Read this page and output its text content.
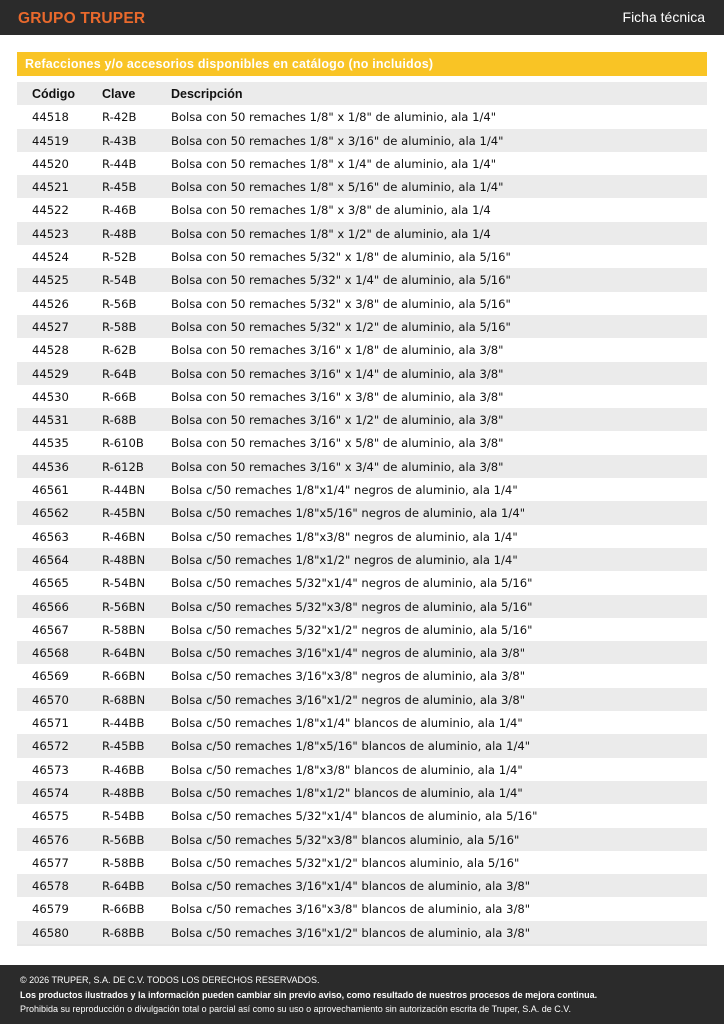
GRUPO TRUPER	Ficha técnica
Refacciones y/o accesorios disponibles en catálogo (no incluidos)
Código Clave	Descripción
44518	R-42B	Bolsa con 50 remaches 1/8" x 1/8" de aluminio, ala 1/4"
44519	R-43B	Bolsa con 50 remaches 1/8" x 3/16" de aluminio, ala 1/4"
44520	R-44B	Bolsa con 50 remaches 1/8" x 1/4" de aluminio, ala 1/4"
44521	R-45B	Bolsa con 50 remaches 1/8" x 5/16" de aluminio, ala 1/4"
44522	R-46B	Bolsa con 50 remaches 1/8" x 3/8" de aluminio, ala 1/4
44523	R-48B	Bolsa con 50 remaches 1/8" x 1/2" de aluminio, ala 1/4
44524	R-52B	Bolsa con 50 remaches 5/32" x 1/8" de aluminio, ala 5/16"
44525	R-54B	Bolsa con 50 remaches 5/32" x 1/4" de aluminio, ala 5/16"
44526	R-56B	Bolsa con 50 remaches 5/32" x 3/8" de aluminio, ala 5/16"
44527	R-58B	Bolsa con 50 remaches 5/32" x 1/2" de aluminio, ala 5/16"
44528	R-62B	Bolsa con 50 remaches 3/16" x 1/8" de aluminio, ala 3/8"
44529	R-64B	Bolsa con 50 remaches 3/16" x 1/4" de aluminio, ala 3/8"
44530	R-66B	Bolsa con 50 remaches 3/16" x 3/8" de aluminio, ala 3/8"
44531	R-68B	Bolsa con 50 remaches 3/16" x 1/2" de aluminio, ala 3/8"
44535	R-610B Bolsa con 50 remaches 3/16" x 5/8" de aluminio, ala 3/8"
44536	R-612B Bolsa con 50 remaches 3/16" x 3/4" de aluminio, ala 3/8"
46561	R-44BN Bolsa c/50 remaches 1/8"x1/4" negros de aluminio, ala 1/4"
46562	R-45BN Bolsa c/50 remaches 1/8"x5/16" negros de aluminio, ala 1/4"
46563	R-46BN Bolsa c/50 remaches 1/8"x3/8" negros de aluminio, ala 1/4"
46564	R-48BN Bolsa c/50 remaches 1/8"x1/2" negros de aluminio, ala 1/4"
46565	R-54BN Bolsa c/50 remaches 5/32"x1/4" negros de aluminio, ala 5/16"
46566	R-56BN Bolsa c/50 remaches 5/32"x3/8" negros de aluminio, ala 5/16"
46567	R-58BN Bolsa c/50 remaches 5/32"x1/2" negros de aluminio, ala 5/16"
46568	R-64BN Bolsa c/50 remaches 3/16"x1/4" negros de aluminio, ala 3/8"
46569	R-66BN Bolsa c/50 remaches 3/16"x3/8" negros de aluminio, ala 3/8"
46570	R-68BN Bolsa c/50 remaches 3/16"x1/2" negros de aluminio, ala 3/8"
46571	R-44BB Bolsa c/50 remaches 1/8"x1/4" blancos de aluminio, ala 1/4"
46572	R-45BB Bolsa c/50 remaches 1/8"x5/16" blancos de aluminio, ala 1/4"
46573	R-46BB Bolsa c/50 remaches 1/8"x3/8" blancos de aluminio, ala 1/4"
46574	R-48BB Bolsa c/50 remaches 1/8"x1/2" blancos de aluminio, ala 1/4"
46575	R-54BB Bolsa c/50 remaches 5/32"x1/4" blancos de aluminio, ala 5/16"
46576	R-56BB Bolsa c/50 remaches 5/32"x3/8" blancos aluminio, ala 5/16"
46577	R-58BB Bolsa c/50 remaches 5/32"x1/2" blancos aluminio, ala 5/16"
46578	R-64BB Bolsa c/50 remaches 3/16"x1/4" blancos de aluminio, ala 3/8"
46579	R-66BB Bolsa c/50 remaches 3/16"x3/8" blancos de aluminio, ala 3/8"
46580	R-68BB Bolsa c/50 remaches 3/16"x1/2" blancos de aluminio, ala 3/8"
© 2026 TRUPER, S.A. DE C.V. TODOS LOS DERECHOS RESERVADOS.
Los productos ilustrados y la información pueden cambiar sin previo aviso, como resultado de nuestros procesos de mejora continua.
Prohibida su reproducción o divulgación total o parcial así como su uso o aprovechamiento sin autorización escrita de Truper, S.A. de C.V.
